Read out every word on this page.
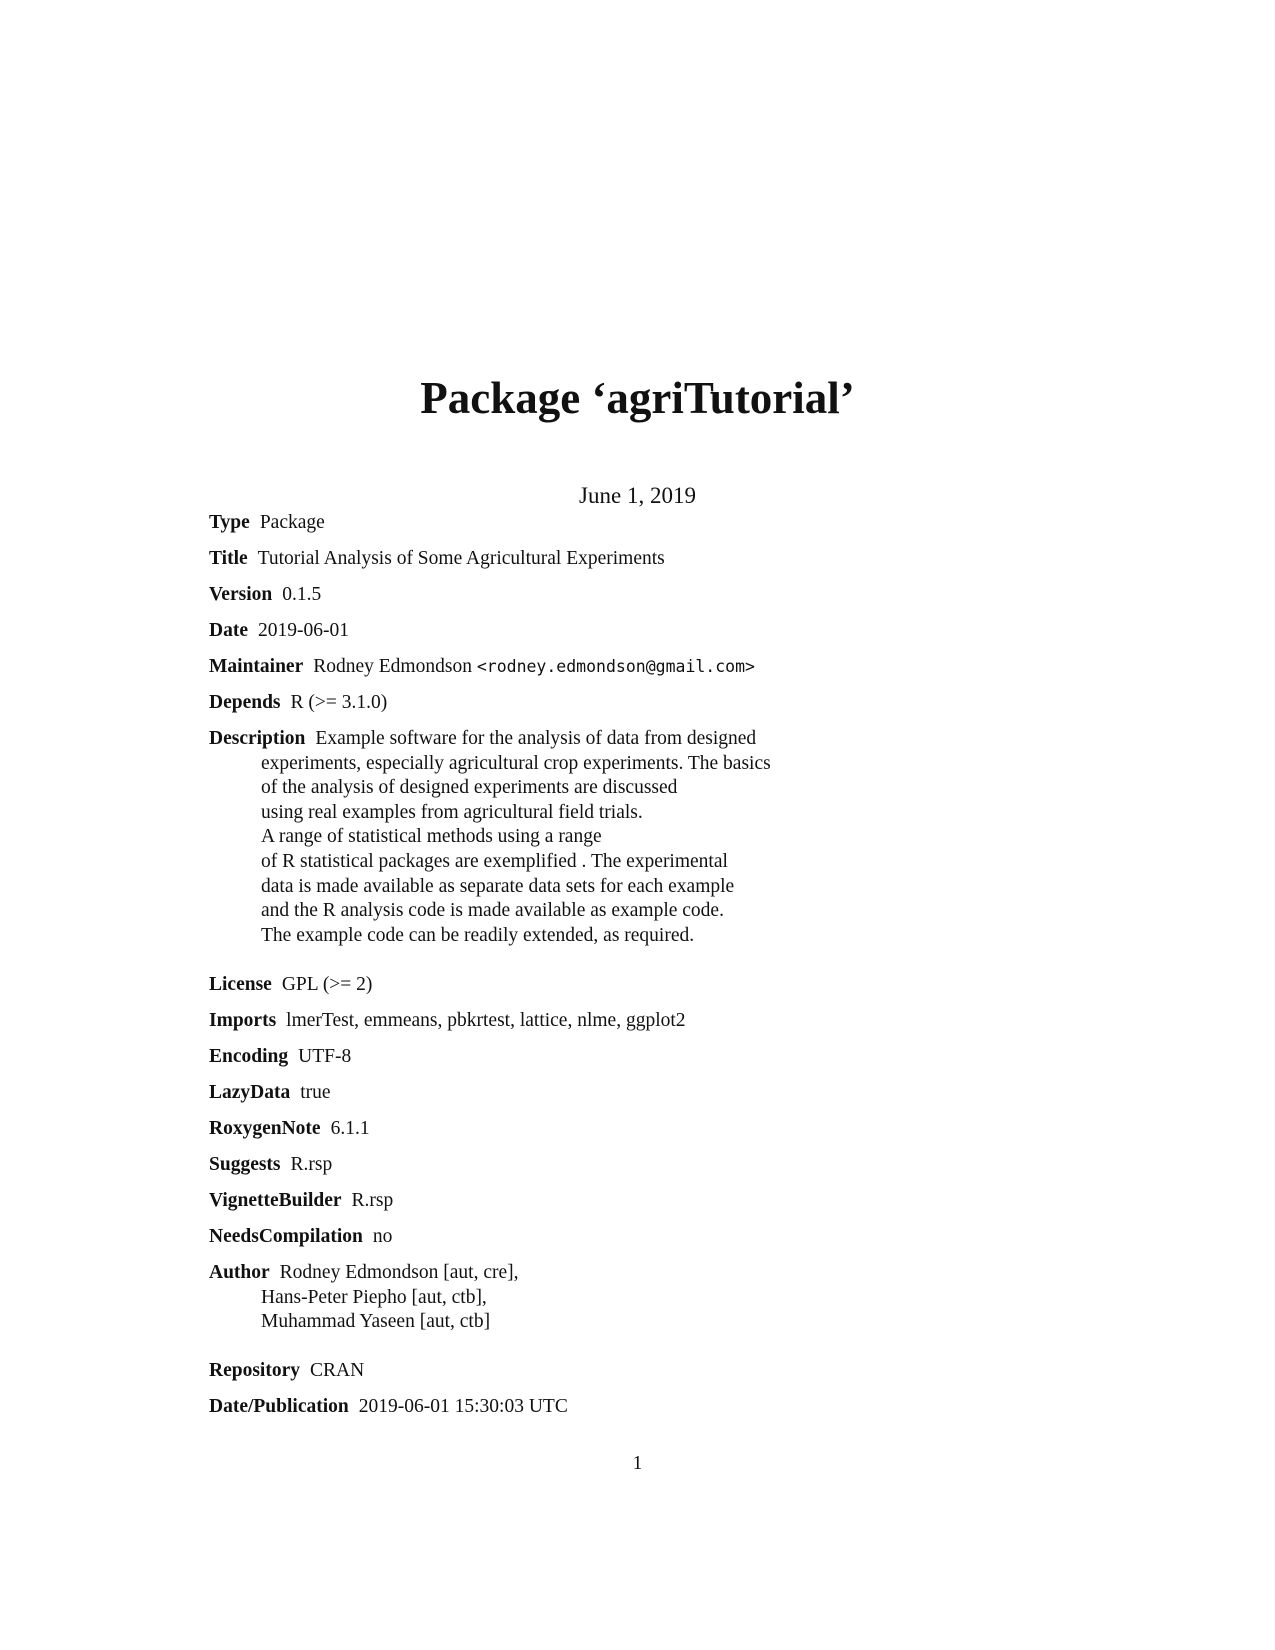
Package ‘agriTutorial’
June 1, 2019
Type Package
Title Tutorial Analysis of Some Agricultural Experiments
Version 0.1.5
Date 2019-06-01
Maintainer Rodney Edmondson <rodney.edmondson@gmail.com>
Depends R (>= 3.1.0)
Description Example software for the analysis of data from designed
experiments, especially agricultural crop experiments. The basics
of the analysis of designed experiments are discussed
using real examples from agricultural field trials.
A range of statistical methods using a range
of R statistical packages are exemplified . The experimental
data is made available as separate data sets for each example
and the R analysis code is made available as example code.
The example code can be readily extended, as required.
License GPL (>= 2)
Imports lmerTest, emmeans, pbkrtest, lattice, nlme, ggplot2
Encoding UTF-8
LazyData true
RoxygenNote 6.1.1
Suggests R.rsp
VignetteBuilder R.rsp
NeedsCompilation no
Author Rodney Edmondson [aut, cre],
Hans-Peter Piepho [aut, ctb],
Muhammad Yaseen [aut, ctb]
Repository CRAN
Date/Publication 2019-06-01 15:30:03 UTC
1
